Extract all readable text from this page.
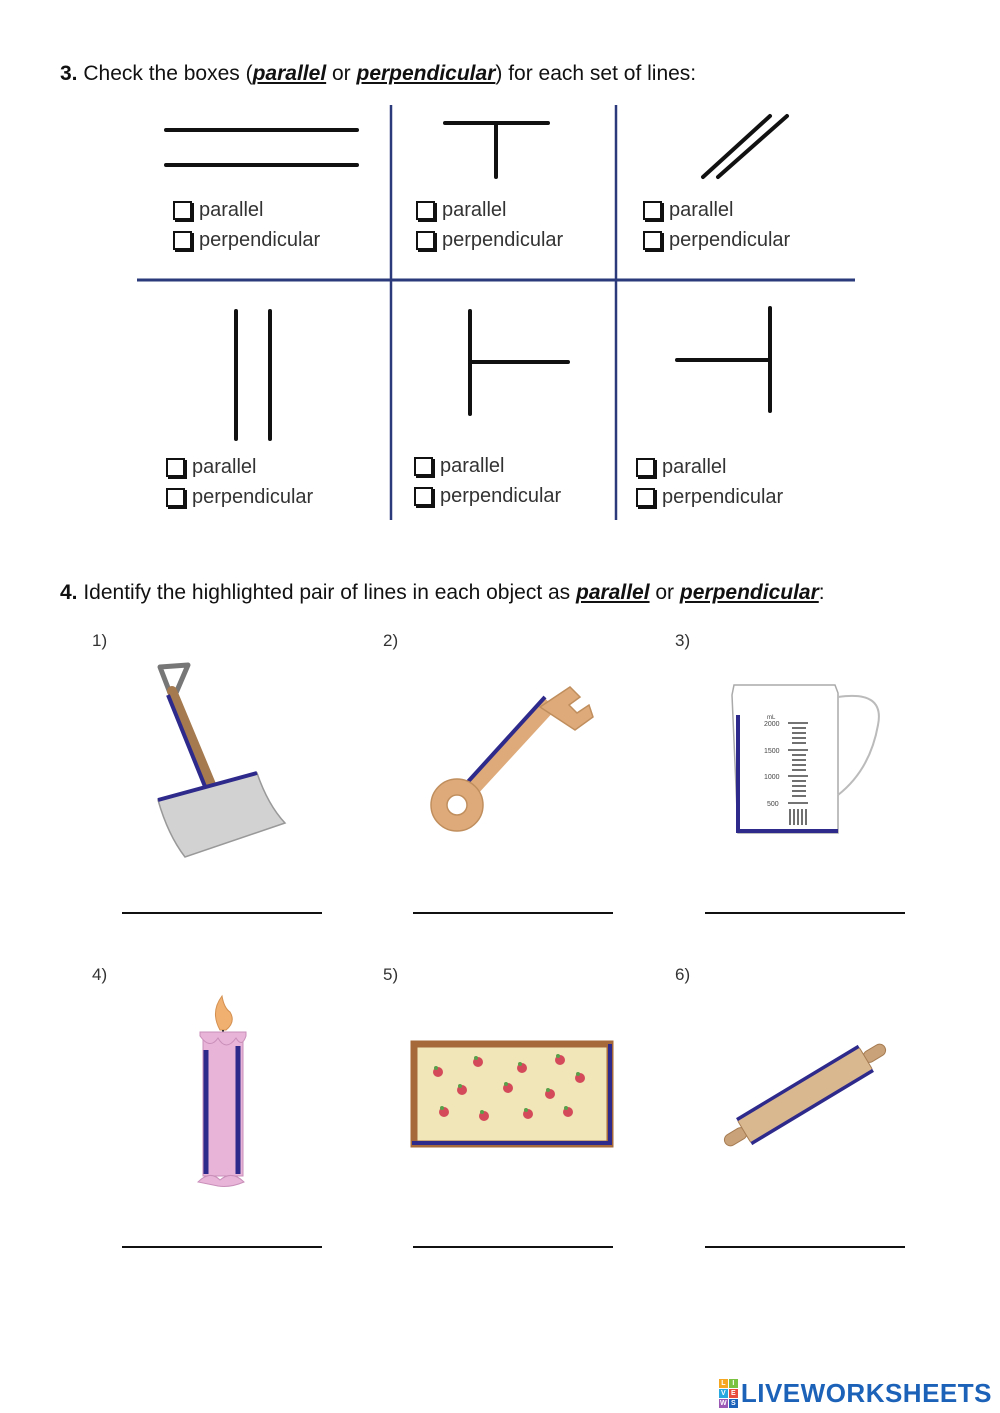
3. Check the boxes (parallel or perpendicular) for each set of lines:
parallel
perpendicular
parallel
perpendicular
parallel
perpendicular
parallel
perpendicular
parallel
perpendicular
parallel
perpendicular
4. Identify the highlighted pair of lines in each object as parallel or perpendicular:
1)	2)	3)
4)	5)	6)
mL
2000
1500
1000
500
L I
V E
W S LIVEWORKSHEETS
